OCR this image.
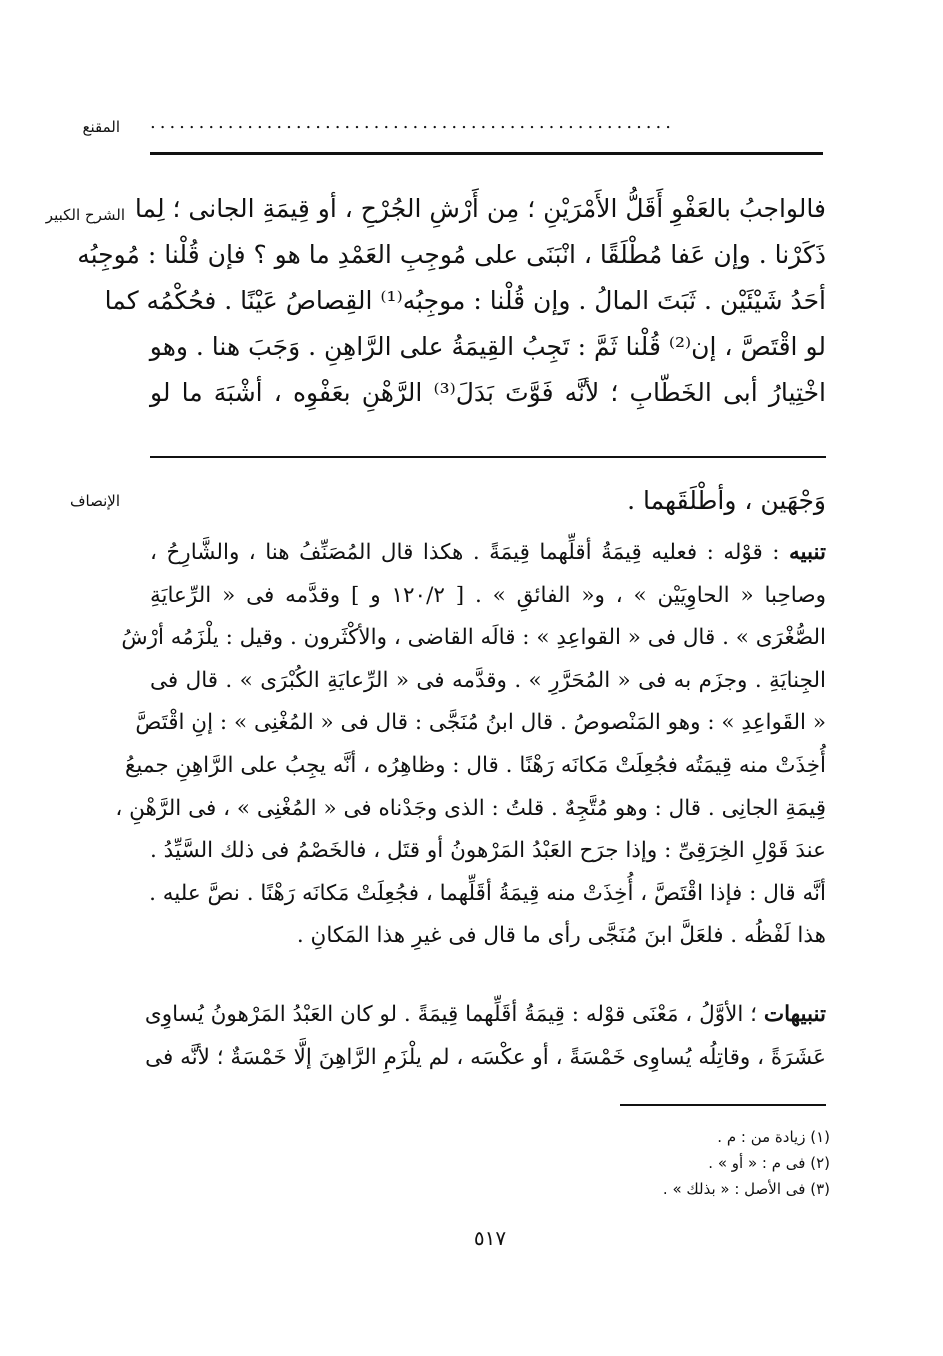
المقنع ......................................................
الشرح الكبير
الإنصاف
فالواجبُ بالعَفْوِ أَقَلُّ الأَمْرَيْنِ ؛ مِن أَرْشِ الجُرْحِ ، أو قِيمَةِ الجانى ؛ لِما
ذَكَرْنا . وإن عَفا مُطْلَقًا ، انْبَنَى على مُوجِبِ العَمْدِ ما هو ؟ فإن قُلْنا : مُوجِبُه
أحَدُ شَيْئَيْن . ثَبَتَ المالُ . وإن قُلْنا : موجِبُه⁽¹⁾ القِصاصُ عَيْنًا . فحُكْمُه كما
لو اقْتَصَّ ، إن⁽²⁾ قُلْنا ثَمَّ : تَجِبُ القِيمَةُ على الرَّاهِنِ . وَجَبَ هنا . وهو
اخْتِيارُ أبى الخَطّابِ ؛ لأنَّه فَوَّتَ بَدَلَ⁽³⁾ الرَّهْنِ بعَفْوِه ، أشْبَهَ ما لو
وَجْهَين ، وأطْلَقَهما .
تنبيه : قوْله : فعليه قِيمَةُ أقلِّهما قِيمَةً . هكذا قال المُصَنِّفُ هنا ، والشَّارِحُ ،
وصاحِبا « الحاوِيَيْن » ، و« الفائقِ » . [ ١٢٠/٢ و ] وقدَّمه فى « الرِّعايَةِ
الصُّغْرَى » . قال فى « القواعِدِ » : قالَه القاضى ، والأكْثَرون . وقيل : يلْزَمُه أرْشُ
الجِنايَةِ . وجزَم به فى « المُحَرَّرِ » . وقدَّمه فى « الرِّعايَةِ الكُبْرَى » . قال فى
« القَواعِدِ » : وهو المَنْصوصُ . قال ابنُ مُنَجَّى : قال فى « المُغْنِى » : إنِ اقْتَصَّ
أُخِذَتْ منه قِيمَتُه فجُعِلَتْ مَكانَه رَهْنًا . قال : وظاهِرُه ، أنَّه يجِبُ على الرَّاهِنِ جميعُ
قِيمَةِ الجانِى . قال : وهو مُتَّجِهٌ . قلتُ : الذى وجَدْناه فى « المُغْنِى » ، فى الرَّهْنِ ،
عندَ قَوْلِ الخِرَقِىِّ : وإذا جرَح العَبْدُ المَرْهونُ أو قتَل ، فالخَصْمُ فى ذلك السَّيِّدُ .
أنَّه قال : فإذا اقْتَصَّ ، أُخِذَتْ منه قِيمَةُ أقَلِّهما ، فجُعِلَتْ مَكانَه رَهْنًا . نصَّ عليه .
هذا لَفْظُه . فلعَلَّ ابنَ مُنَجَّى رأى ما قال فى غيرِ هذا المَكانِ .
تنبيهات ؛ الأوَّلُ ، مَعْنَى قوْله : قِيمَةُ أقَلِّهما قِيمَةً . لو كان العَبْدُ المَرْهونُ يُساوِى
عَشَرَةً ، وقاتِلُه يُساوِى خَمْسَةً ، أو عكْسَه ، لم يلْزَمِ الرَّاهِنَ إلَّا خَمْسَةٌ ؛ لأنَّه فى
(١) زيادة من : م .
(٢) فى م : « أو » .
(٣) فى الأصل : « بذلك » .
٥١٧
